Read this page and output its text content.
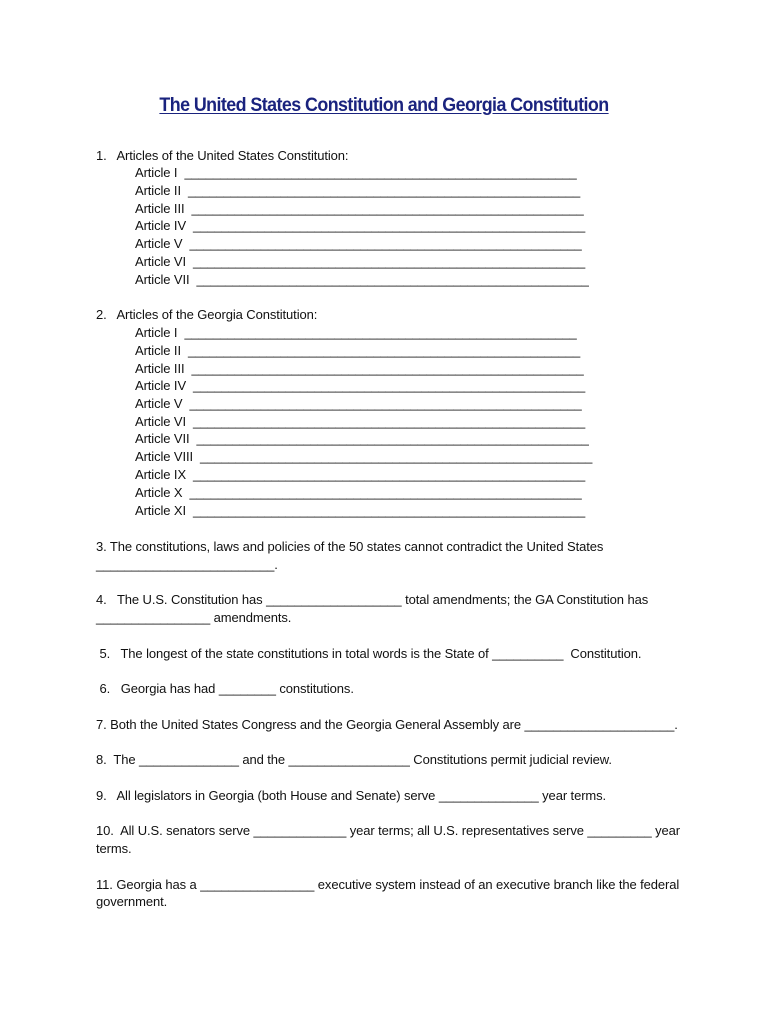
The United States Constitution and Georgia Constitution
1.   Articles of the United States Constitution:
Article I  _______________________________________________________
Article II  _______________________________________________________
Article III  _______________________________________________________
Article IV  _______________________________________________________
Article V  _______________________________________________________
Article VI  _______________________________________________________
Article VII  _______________________________________________________
2.   Articles of the Georgia Constitution:
Article I  _______________________________________________________
Article II  _______________________________________________________
Article III  _______________________________________________________
Article IV  _______________________________________________________
Article V  _______________________________________________________
Article VI  _______________________________________________________
Article VII  _______________________________________________________
Article VIII  _______________________________________________________
Article IX  _______________________________________________________
Article X  _______________________________________________________
Article XI  _______________________________________________________
3. The constitutions, laws and policies of the 50 states cannot contradict the United States
_________________________.
4.   The U.S. Constitution has ___________________ total amendments; the GA Constitution has
________________ amendments.
5.   The longest of the state constitutions in total words is the State of __________  Constitution.
6.   Georgia has had ________ constitutions.
7. Both the United States Congress and the Georgia General Assembly are _____________________.
8.  The ______________ and the _________________ Constitutions permit judicial review.
9.   All legislators in Georgia (both House and Senate) serve ______________ year terms.
10.  All U.S. senators serve _____________ year terms; all U.S. representatives serve _________ year
terms.
11. Georgia has a ________________ executive system instead of an executive branch like the federal
government.
